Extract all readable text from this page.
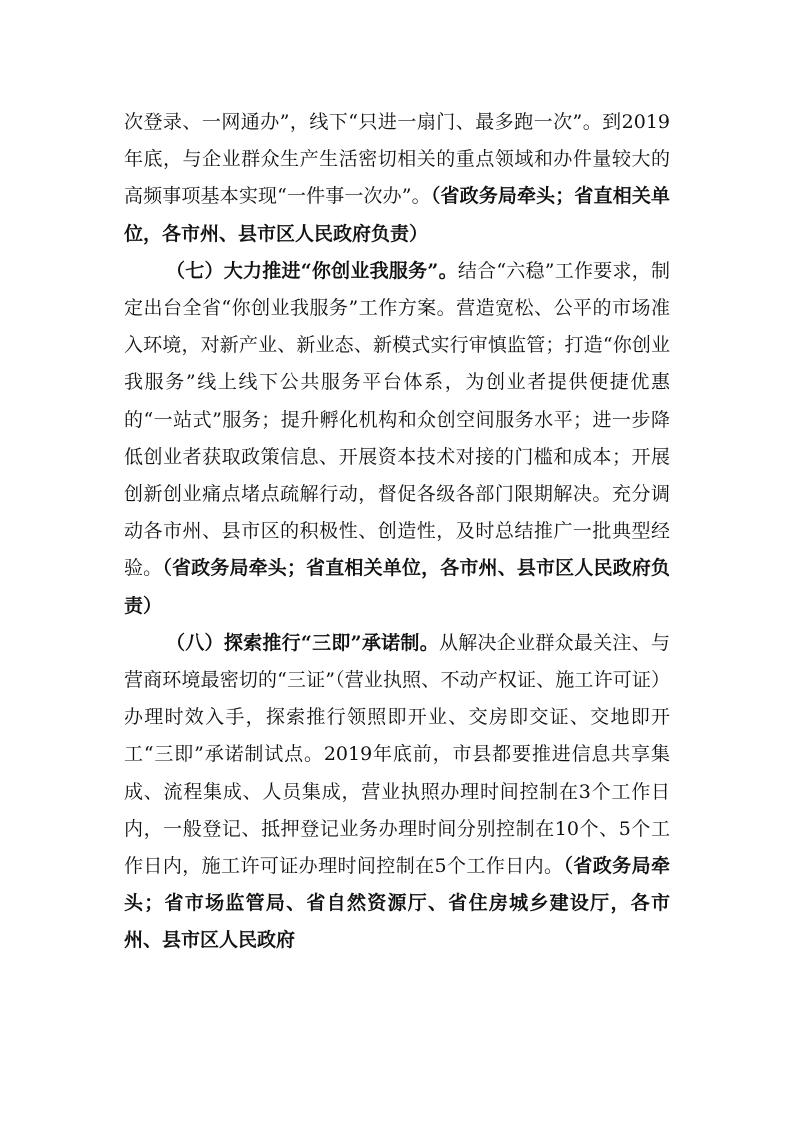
次登录、一网通办”，线下“只进一扇门、最多跑一次”。到2019年底，与企业群众生产生活密切相关的重点领域和办件量较大的高频事项基本实现“一件事一次办”。（省政务局牵头；省直相关单位，各市州、县市区人民政府负责）

（七）大力推进“你创业我服务”。结合“六稳”工作要求，制定出台全省“你创业我服务”工作方案。营造宽松、公平的市场准入环境，对新产业、新业态、新模式实行审慎监管；打造“你创业我服务”线上线下公共服务平台体系，为创业者提供便捷优惠的“一站式”服务；提升孵化机构和众创空间服务水平；进一步降低创业者获取政策信息、开展资本技术对接的门槛和成本；开展创新创业痛点堵点疏解行动，督促各级各部门限期解决。充分调动各市州、县市区的积极性、创造性，及时总结推广一批典型经验。（省政务局牵头；省直相关单位，各市州、县市区人民政府负责）

（八）探索推行“三即”承诺制。从解决企业群众最关注、与营商环境最密切的“三证”（营业执照、不动产权证、施工许可证）办理时效入手，探索推行领照即开业、交房即交证、交地即开工“三即”承诺制试点。2019年底前，市县都要推进信息共享集成、流程集成、人员集成，营业执照办理时间控制在3个工作日内，一般登记、抵押登记业务办理时间分别控制在10个、5个工作日内，施工许可证办理时间控制在5个工作日内。（省政务局牵头；省市场监管局、省自然资源厅、省住房城乡建设厅，各市州、县市区人民政府
